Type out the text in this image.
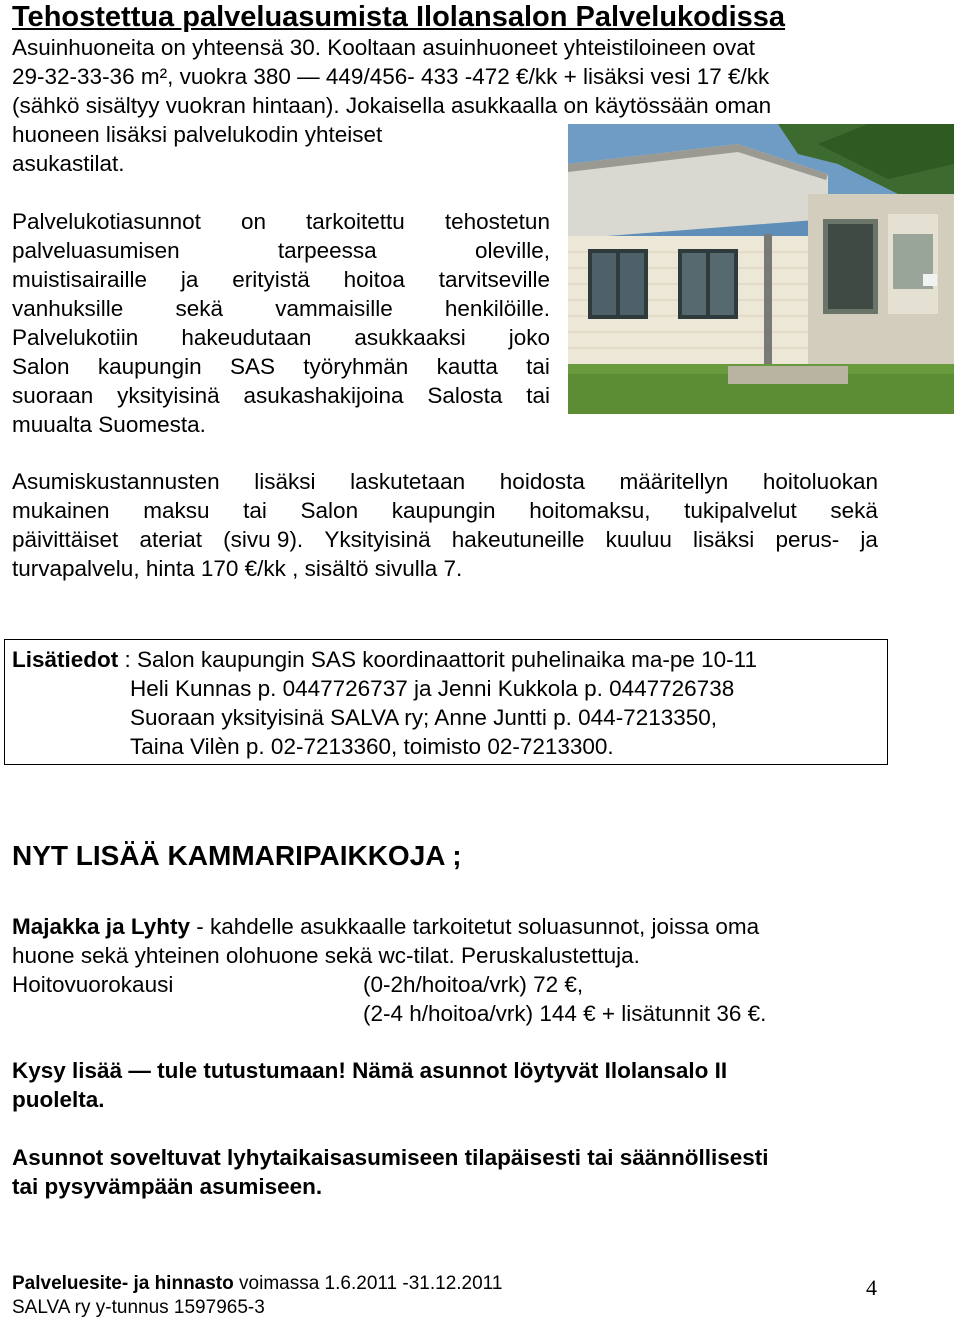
Tehostettua palveluasumista Ilolansalon Palvelukodissa
Asuinhuoneita on yhteensä 30. Kooltaan asuinhuoneet yhteistiloineen ovat
29-32-33-36 m², vuokra 380 — 449/456- 433 -472 €/kk + lisäksi vesi 17 €/kk
(sähkö sisältyy vuokran hintaan). Jokaisella asukkaalla on käytössään oman
huoneen lisäksi palvelukodin yhteiset
asukastilat.
Palvelukotiasunnot on tarkoitettu tehostetun
palveluasumisen	tarpeessa	oleville,
muistisairaille ja erityistä hoitoa tarvitseville
vanhuksille sekä vammaisille henkilöille.
Palvelukotiin hakeudutaan asukkaaksi joko
Salon kaupungin SAS työryhmän kautta tai
suoraan yksityisinä asukashakijoina Salosta tai
muualta Suomesta.
Asumiskustannusten lisäksi laskutetaan hoidosta määritellyn hoitoluokan
mukainen maksu tai Salon kaupungin hoitomaksu, tukipalvelut sekä
päivittäiset ateriat (sivu 9). Yksityisinä hakeutuneille kuuluu lisäksi perus- ja
turvapalvelu, hinta 170 €/kk , sisältö sivulla 7.
Lisätiedot : Salon kaupungin SAS koordinaattorit puhelinaika ma-pe 10-11
Heli Kunnas p. 0447726737 ja Jenni Kukkola p. 0447726738
Suoraan yksityisinä SALVA ry; Anne Juntti p. 044-7213350,
Taina Vilèn p. 02-7213360, toimisto 02-7213300.
NYT LISÄÄ KAMMARIPAIKKOJA ;
Majakka ja Lyhty - kahdelle asukkaalle tarkoitetut soluasunnot, joissa oma
huone sekä yhteinen olohuone sekä wc-tilat. Peruskalustettuja.
Hoitovuorokausi	(0-2h/hoitoa/vrk) 72 €,
(2-4 h/hoitoa/vrk) 144 € + lisätunnit 36 €.
Kysy lisää — tule tutustumaan! Nämä asunnot löytyvät Ilolansalo II
puolelta.
Asunnot soveltuvat lyhytaikaisasumiseen tilapäisesti tai säännöllisesti
tai pysyvämpään asumiseen.
Palveluesite- ja hinnasto voimassa 1.6.2011 -31.12.2011
SALVA ry y-tunnus 1597965-3
4
